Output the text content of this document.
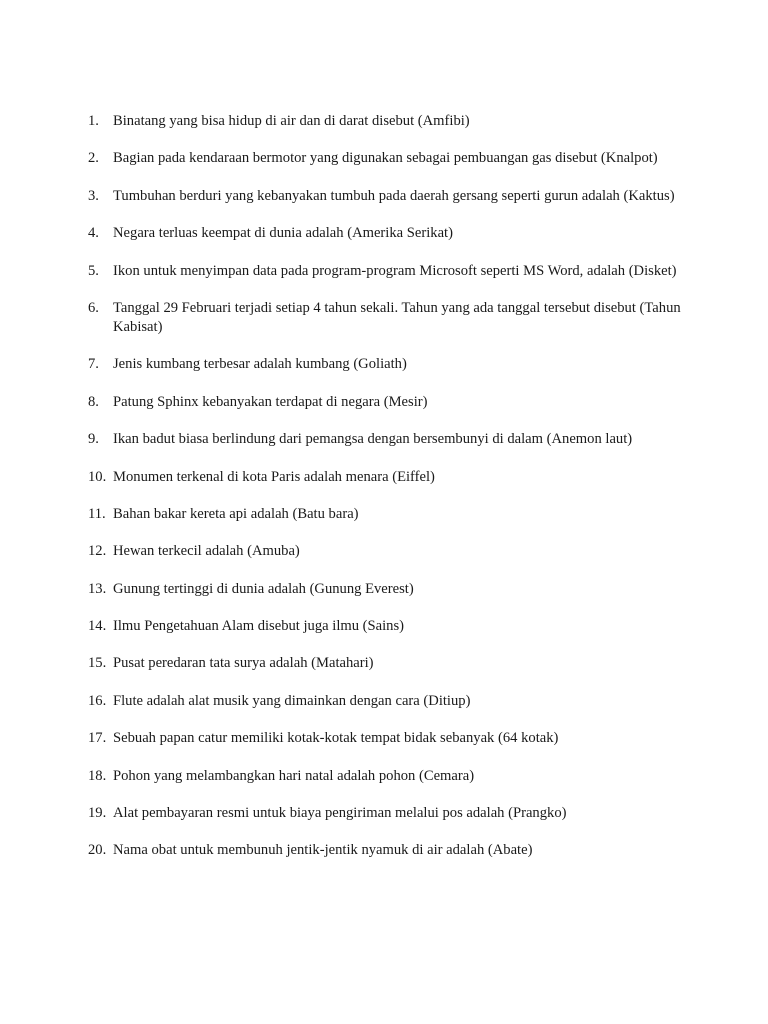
1. Binatang yang bisa hidup di air dan di darat disebut (Amfibi)
2. Bagian pada kendaraan bermotor yang digunakan sebagai pembuangan gas disebut (Knalpot)
3. Tumbuhan berduri yang kebanyakan tumbuh pada daerah gersang seperti gurun adalah (Kaktus)
4. Negara terluas keempat di dunia adalah (Amerika Serikat)
5. Ikon untuk menyimpan data pada program-program Microsoft seperti MS Word, adalah (Disket)
6. Tanggal 29 Februari terjadi setiap 4 tahun sekali. Tahun yang ada tanggal tersebut disebut (Tahun Kabisat)
7. Jenis kumbang terbesar adalah kumbang (Goliath)
8. Patung Sphinx kebanyakan terdapat di negara (Mesir)
9. Ikan badut biasa berlindung dari pemangsa dengan bersembunyi di dalam (Anemon laut)
10. Monumen terkenal di kota Paris adalah menara (Eiffel)
11. Bahan bakar kereta api adalah (Batu bara)
12. Hewan terkecil adalah (Amuba)
13. Gunung tertinggi di dunia adalah (Gunung Everest)
14. Ilmu Pengetahuan Alam disebut juga ilmu (Sains)
15. Pusat peredaran tata surya adalah (Matahari)
16. Flute adalah alat musik yang dimainkan dengan cara (Ditiup)
17. Sebuah papan catur memiliki kotak-kotak tempat bidak sebanyak (64 kotak)
18. Pohon yang melambangkan hari natal adalah pohon (Cemara)
19. Alat pembayaran resmi untuk biaya pengiriman melalui pos adalah (Prangko)
20. Nama obat untuk membunuh jentik-jentik nyamuk di air adalah (Abate)
